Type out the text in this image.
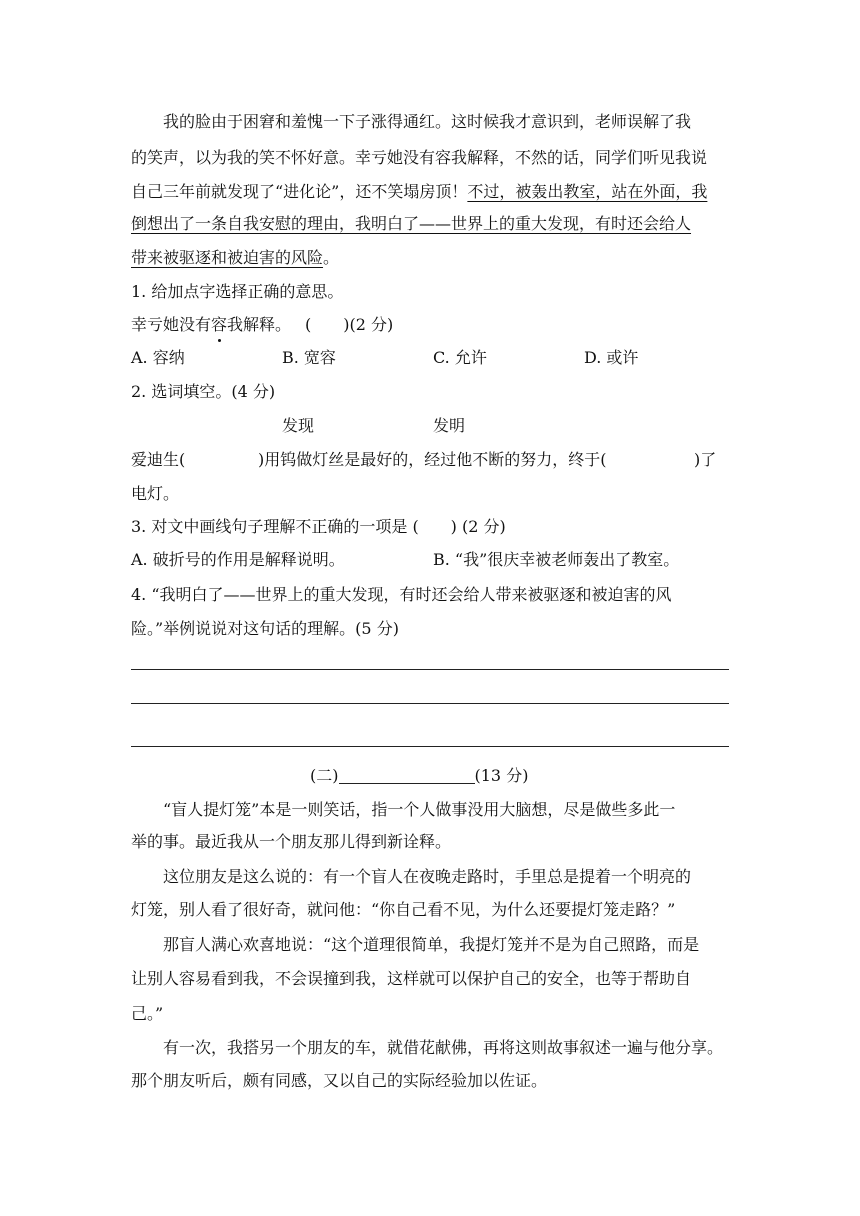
我的脸由于困窘和羞愧一下子涨得通红。这时候我才意识到，老师误解了我
的笑声，以为我的笑不怀好意。幸亏她没有容我解释，不然的话，同学们听见我说
自己三年前就发现了“进化论”，还不笑塌房顶！不过，被轰出教室，站在外面，我
倒想出了一条自我安慰的理由，我明白了——世界上的重大发现，有时还会给人
带来被驱逐和被迫害的风险。
1. 给加点字选择正确的意思。
幸亏她没有容我解释。 (　　)(2 分)
A. 容纳	B. 宽容	C. 允许	D. 或许
2. 选词填空。(4 分)
发现	发明
爱迪生(	)用钨做灯丝是最好的，经过他不断的努力，终于(	)了
电灯。
3. 对文中画线句子理解不正确的一项是 (　　) (2 分)
A. 破折号的作用是解释说明。	B. “我”很庆幸被老师轰出了教室。
4. “我明白了——世界上的重大发现，有时还会给人带来被驱逐和被迫害的风
险。”举例说说对这句话的理解。(5 分)
(二)	(13 分)
“盲人提灯笼”本是一则笑话，指一个人做事没用大脑想，尽是做些多此一
举的事。最近我从一个朋友那儿得到新诠释。
这位朋友是这么说的：有一个盲人在夜晚走路时，手里总是提着一个明亮的
灯笼，别人看了很好奇，就问他：“你自己看不见，为什么还要提灯笼走路？”
那盲人满心欢喜地说：“这个道理很简单，我提灯笼并不是为自己照路，而是
让别人容易看到我，不会误撞到我，这样就可以保护自己的安全，也等于帮助自
己。”
有一次，我搭另一个朋友的车，就借花献佛，再将这则故事叙述一遍与他分享。
那个朋友听后，颇有同感，又以自己的实际经验加以佐证。
